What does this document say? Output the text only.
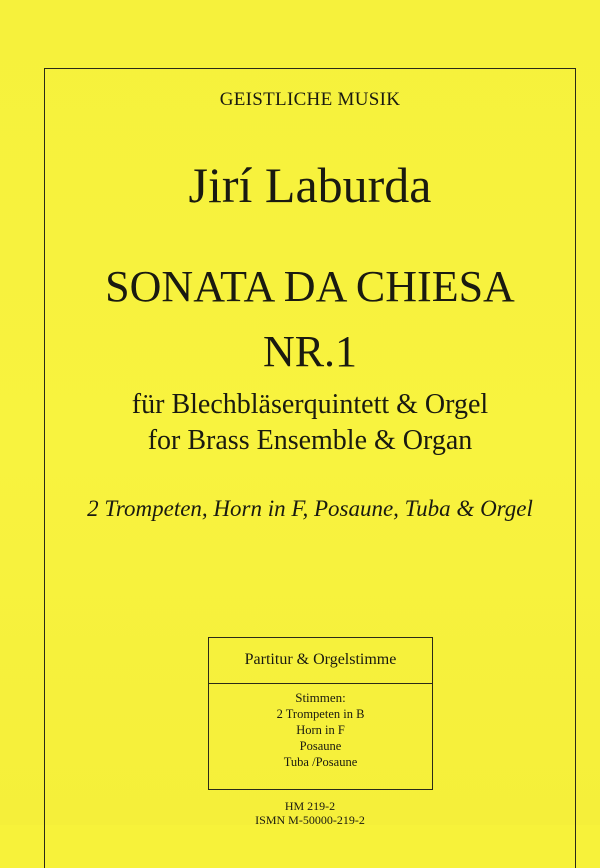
GEISTLICHE MUSIK
Jirí Laburda
SONATA DA CHIESA
NR.1
für Blechbläserquintett & Orgel
for Brass Ensemble & Organ
2 Trompeten, Horn in F, Posaune, Tuba & Orgel
Partitur & Orgelstimme
Stimmen:
2 Trompeten in B
Horn in F
Posaune
Tuba /Posaune
HM 219-2
ISMN M-50000-219-2
